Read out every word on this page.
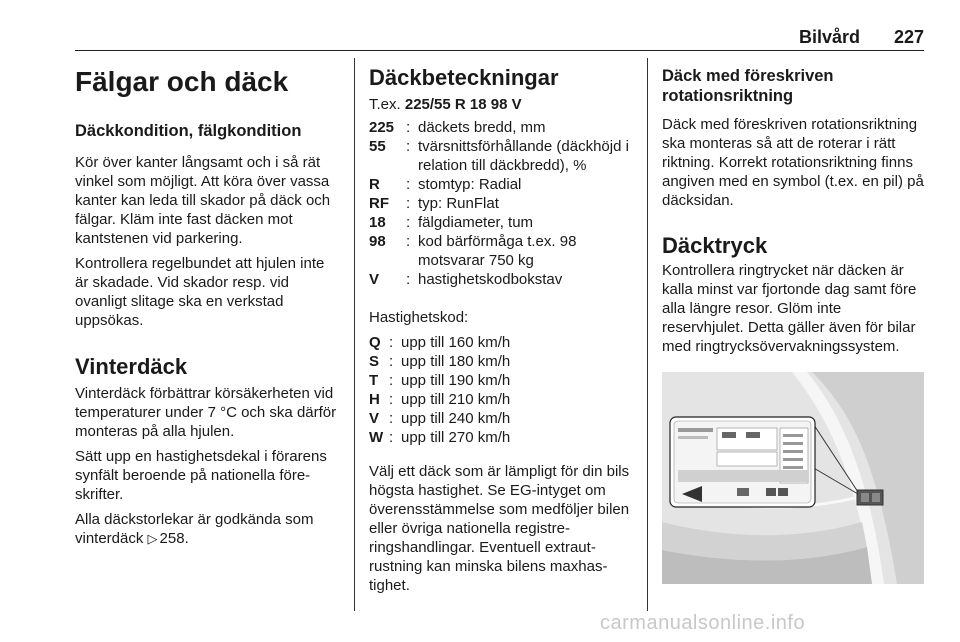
Bilvård 227
Fälgar och däck
Däckkondition, fälgkondition

Kör över kanter långsamt och i så rät vinkel som möjligt. Att köra över vassa kanter kan leda till skador på däck och fälgar. Kläm inte fast däcken mot kantstenen vid parkering.

Kontrollera regelbundet att hjulen inte är skadade. Vid skador resp. vid ovanligt slitage ska en verkstad uppsökas.

Vinterdäck

Vinterdäck förbättrar körsäkerheten vid temperaturer under 7 °C och ska därför monteras på alla hjulen.

Sätt upp en hastighetsdekal i förarens synfält beroende på nationella föreskrifter.

Alla däckstorlekar är godkända som vinterdäck ▷ 258.

Däckbeteckningar
T.ex. 225/55 R 18 98 V
225 : däckets bredd, mm
55	: tvärsnittsförhållande (däckhöjd i relation till däckbredd), %
R	: stomtyp: Radial
RF	: typ: RunFlat
18	: fälgdiameter, tum
98	: kod bärförmåga t.ex. 98 motsvarar 750 kg
V	: hastighetskodbokstav

Hastighetskod:

Q : upp till 160 km/h
S : upp till 180 km/h
T : upp till 190 km/h
H : upp till 210 km/h
V : upp till 240 km/h
W : upp till 270 km/h

Välj ett däck som är lämpligt för din bils högsta hastighet. Se EG-intyget om överensstämmelse som medföljer bilen eller övriga nationella registreringshandlingar. Eventuell extrautrustning kan minska bilens maxhastighet.

Däck med föreskriven rotationsriktning

Däck med föreskriven rotationsriktning ska monteras så att de roterar i rätt riktning. Korrekt rotationsriktning finns angiven med en symbol (t.ex. en pil) på däcksidan.

Däcktryck

Kontrollera ringtrycket när däcken är kalla minst var fjortonde dag samt före alla längre resor. Glöm inte reservhjulet. Detta gäller även för bilar med ringtrycksövervakningssystem.

carmanualsonline.info
